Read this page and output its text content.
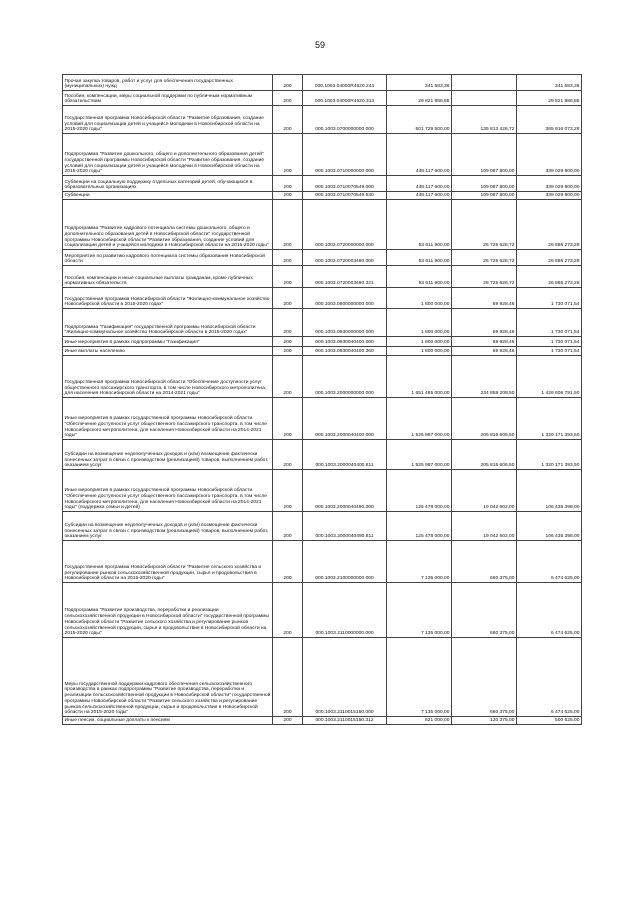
59
Прочая закупка товаров, работ и услуг для обеспечения государственных (муниципальных) нужд	200	000.1003.04000R4620.244	341 583,36		341 583,36
Пособия, компенсации, меры социальной поддержки по публичным нормативным обязательствам	200	000.1003.04000R4620.313	29 821 886,85		29 821 886,85
Государственная программа Новосибирской области "Развитие образования, создание условий для социализации детей и учащейся молодежи в Новосибирской области на 2015-2020 годы"	200	000.1003.0700000000.000	501 729 500,00	135 813 426,72	365 916 073,28
Подпрограмма "Развитие дошкольного, общего и дополнительного образования детей" государственной программы Новосибирской области "Развитие образования, создание условий для социализации детей и учащейся молодежи в Новосибирской области на 2015-2020 годы"	200	000.1003.0710000000.000	448 117 600,00	109 087 800,00	339 029 800,00
Субвенции на социальную поддержку отдельных категорий детей, обучающихся в образовательных организациях	200	000.1003.0710070549.000	448 117 600,00	109 087 800,00	339 029 800,00
Субвенции	200	000.1003.0710070549.530	448 117 600,00	109 087 800,00	339 029 800,00
Подпрограмма "Развитие кадрового потенциала системы дошкольного, общего и дополнительного образования детей в Новосибирской области" государственной программы Новосибирской области "Развитие образования, создание условий для социализации детей и учащейся молодежи в Новосибирской области на 2015-2020 годы"	200	000.1003.0720000000.000	53 611 900,00	26 725 626,72	26 886 273,28
Мероприятия по развитию кадрового потенциала системы образования Новосибирской области	200	000.1003.0720003480.000	53 611 900,00	26 725 626,72	26 886 273,28
Пособия, компенсации и иные социальные выплаты гражданам, кроме публичных нормативных обязательств	200	000.1003.0720003480.321	53 611 900,00	26 725 626,72	26 886 273,28
Государственная программа Новосибирской области "Жилищно-коммунальное хозяйство Новосибирской области в 2015-2020 годах"	200	000.1003.0900000000.000	1 800 000,00	69 928,46	1 730 071,54
Подпрограмма "Газификация" государственной программы Новосибирской области "Жилищно-коммунальное хозяйство Новосибирской области в 2015-2020 годах"	200	000.1003.0930000000.000	1 800 000,00	69 928,46	1 730 071,54
Иные мероприятия в рамках подпрограммы "Газификация"	200	000.1003.0930040400.000	1 800 000,00	69 928,46	1 730 071,54
Иные выплаты населению	200	000.1003.0930040400.360	1 800 000,00	69 928,46	1 730 071,54
Государственная программа Новосибирской области "Обеспечение доступности услуг общественного пассажирского транспорта, в том числе Новосибирского метрополитена, для населения Новосибирской области на 2014-2021 годы"	200	000.1003.2000000000.000	1 651 465 000,00	234 858 208,50	1 426 606 791,50
Иные мероприятия в рамках государственной программы Новосибирской области "Обеспечение доступности услуг общественного пассажирского транспорта, в том числе Новосибирского метрополитена, для населения Новосибирской области на 2014-2021 годы"	200	000.1003.2000040400.000	1 525 987 000,00	205 815 606,50	1 320 171 393,50
Субсидии на возмещение недополученных доходов и (или) возмещение фактически понесенных затрат в связи с производством (реализацией) товаров, выполнением работ, оказанием услуг	200	000.1003.2000040400.811	1 525 987 000,00	205 815 606,50	1 320 171 393,50
Иные мероприятия в рамках государственной программы Новосибирской области "Обеспечение доступности услуг общественного пассажирского транспорта, в том числе Новосибирского метрополитена, для населения Новосибирской области на 2014-2021 годы" (поддержка семьи и детей)	200	000.1003.2000040490.000	125 478 000,00	19 042 602,00	106 435 398,00
Субсидии на возмещение недополученных доходов и (или) возмещение фактически понесенных затрат в связи с производством (реализацией) товаров, выполнением работ, оказанием услуг	200	000.1003.2000040490.811	125 478 000,00	19 042 602,00	106 435 398,00
Государственная программа Новосибирской области "Развитие сельского хозяйства и регулирование рынков сельскохозяйственной продукции, сырья и продовольствия в Новосибирской области на 2015-2020 годы"	200	000.1003.2100000000.000	7 135 000,00	660 375,00	6 474 625,00
Подпрограмма "Развитие производства, переработки и реализации сельскохозяйственной продукции в Новосибирской области" государственной программы Новосибирской области "Развитие сельского хозяйства и регулирование рынков сельскохозяйственной продукции, сырья и продовольствия в Новосибирской области на 2015-2020 годы"	200	000.1003.2110000000.000	7 135 000,00	660 375,00	6 474 625,00
Меры государственной поддержки кадрового обеспечения сельскохозяйственного производства в рамках подпрограммы "Развитие производства, переработки и реализации сельскохозяйственной продукции в Новосибирской области" государственной программы Новосибирской области "Развитие сельского хозяйства и регулирование рынков сельскохозяйственной продукции, сырья и продовольствия в Новосибирской области на 2015-2020 годы"	200	000.1003.2110015150.000	7 135 000,00	660 375,00	6 474 625,00
Иные пенсии, социальные доплаты к пенсиям	200	000.1003.2110015150.312	621 000,00	120 375,00	500 625,00
